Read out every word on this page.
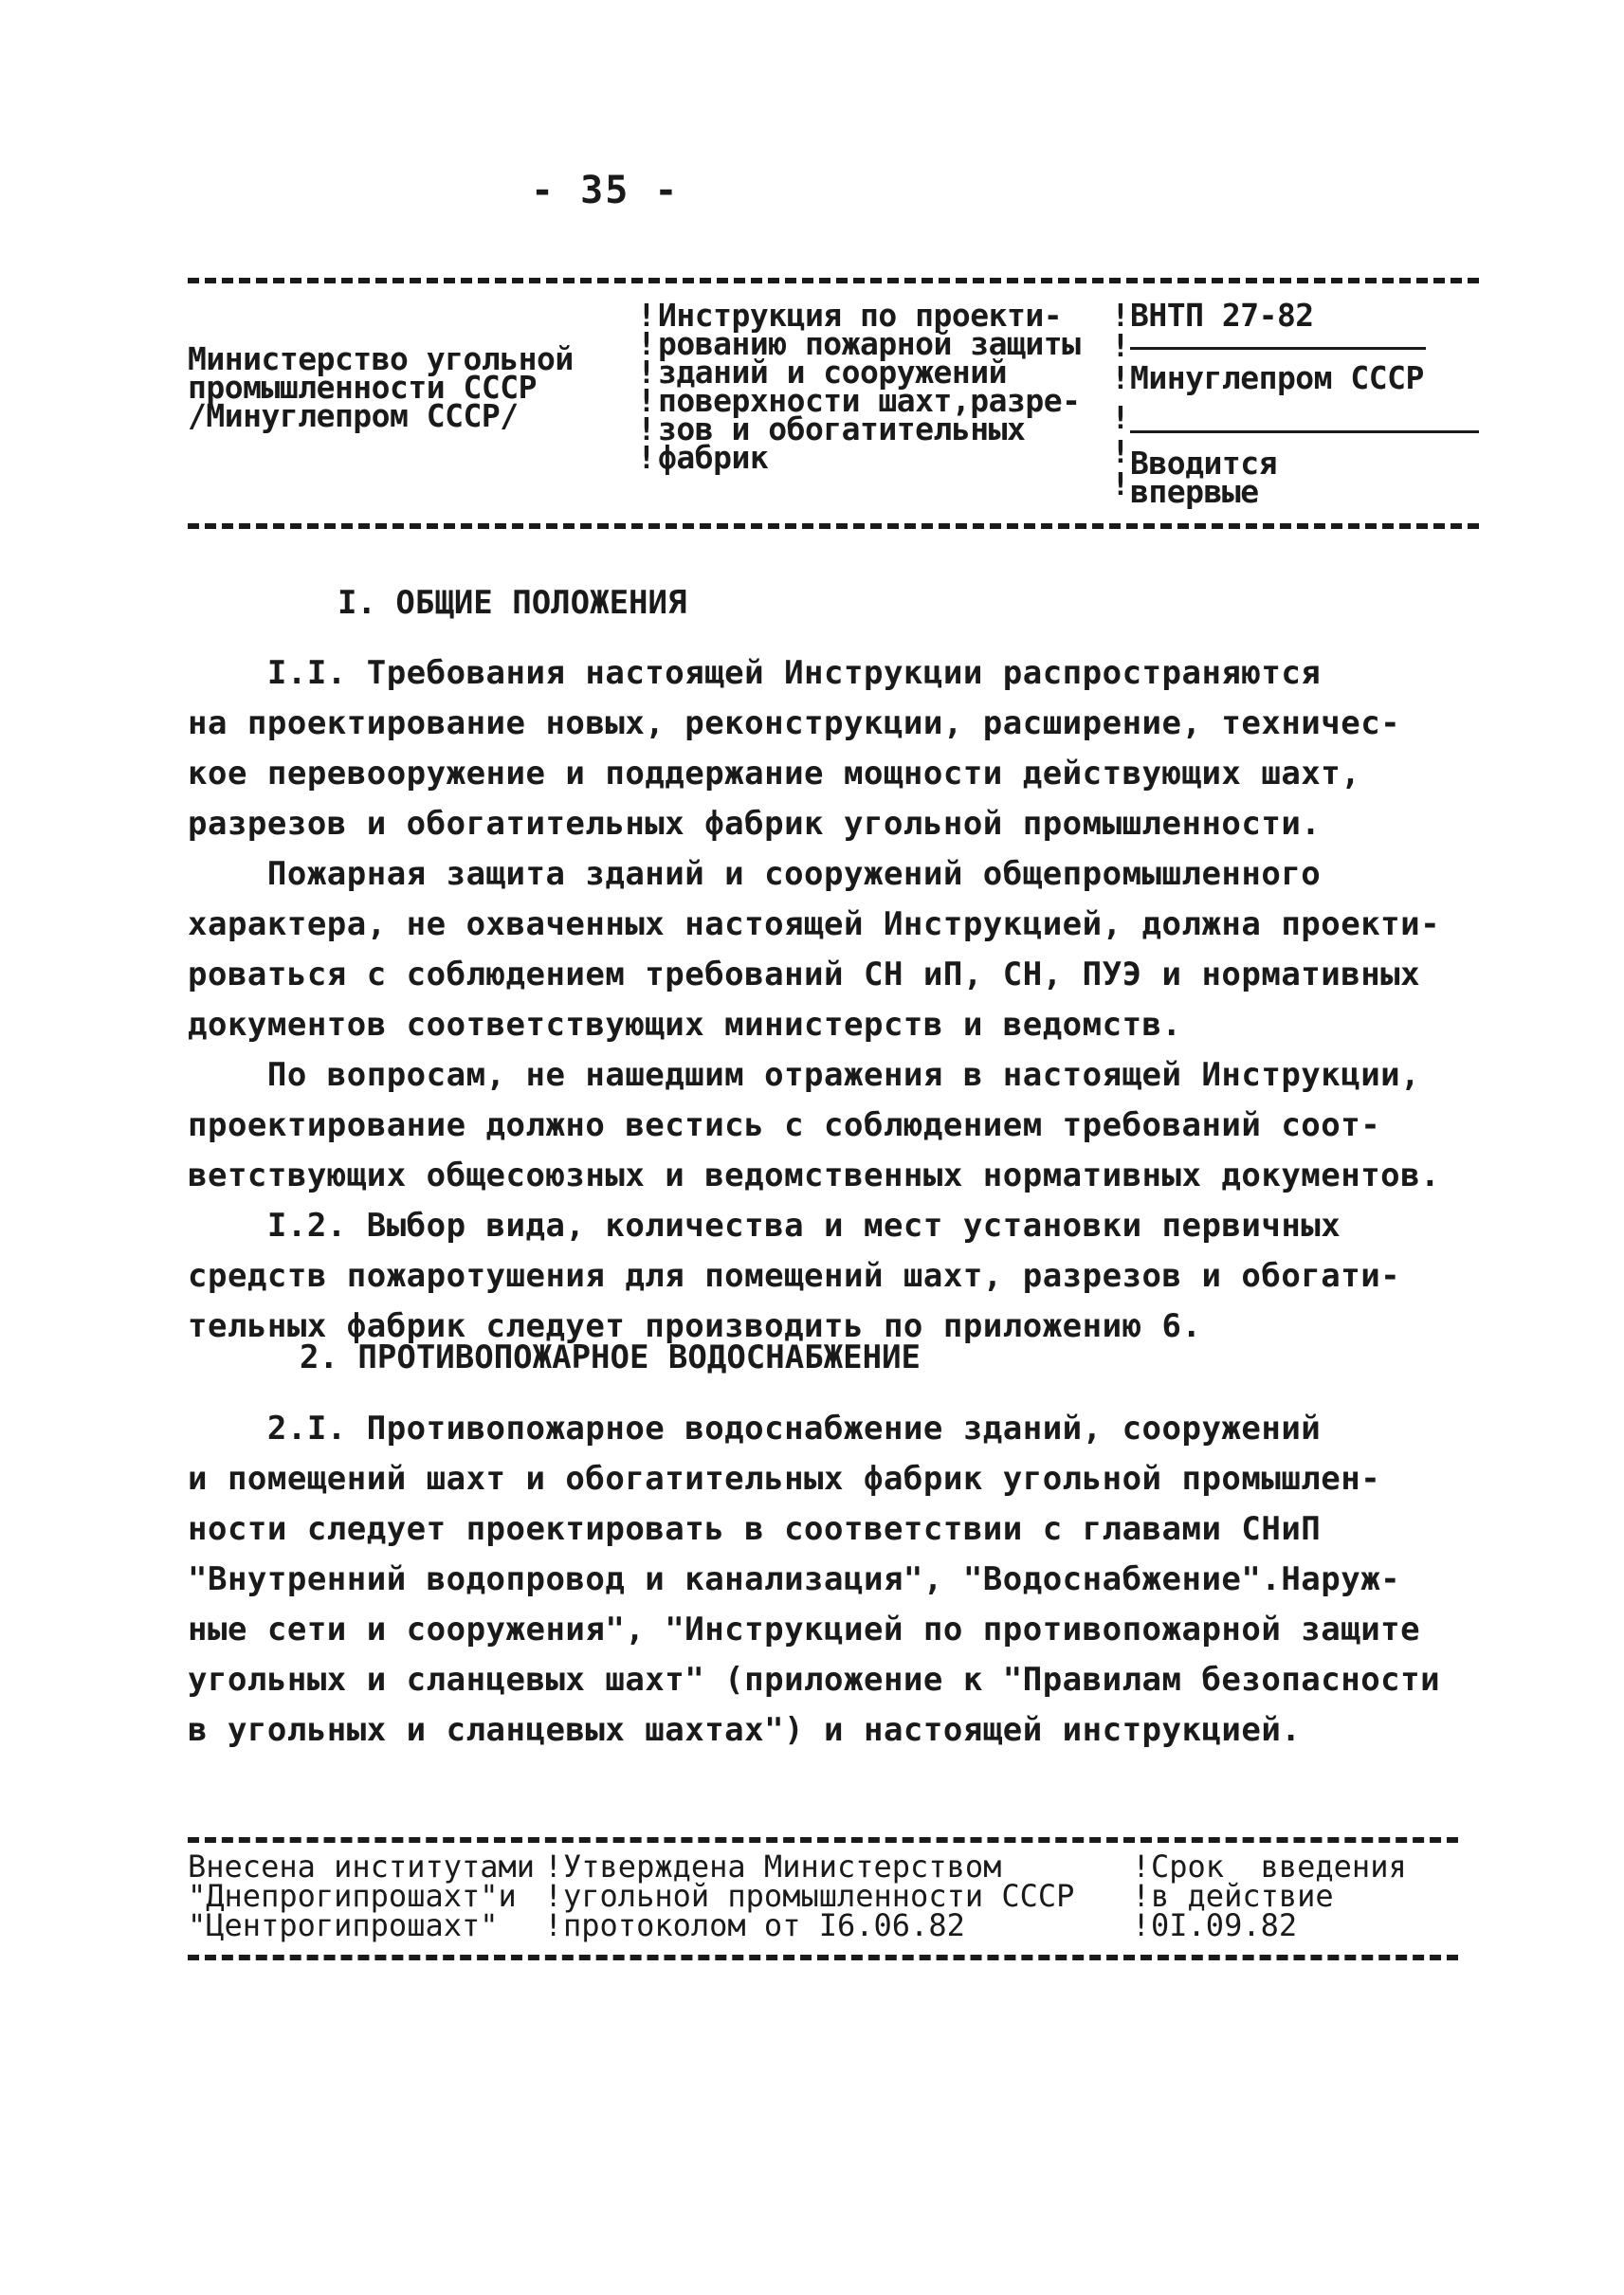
- 35 -
Министерство угольной
промышленности СССР
/Минуглепром СССР/
! Инструкция по проекти-
! рованию пожарной защиты
! зданий и сооружений
! поверхности шахт,разре-
! зов и обогатительных
! фабрик
! ВНТП 27-82
!
! Минуглепром СССР
!
! Вводится
! впервые
I. ОБЩИЕ ПОЛОЖЕНИЯ
I.I. Требования настоящей Инструкции распространяются
на проектирование новых, реконструкции, расширение, техничес-
кое перевооружение и поддержание мощности действующих шахт,
разрезов и обогатительных фабрик угольной промышленности.
Пожарная защита зданий и сооружений общепромышленного
характера, не охваченных настоящей Инструкцией, должна проекти-
роваться с соблюдением требований СН иП, СН, ПУЭ и нормативных
документов соответствующих министерств и ведомств.
По вопросам, не нашедшим отражения в настоящей Инструкции,
проектирование должно вестись с соблюдением требований соот-
ветствующих общесоюзных и ведомственных нормативных документов.
I.2. Выбор вида, количества и мест установки первичных
средств пожаротушения для помещений шахт, разрезов и обогати-
тельных фабрик следует производить по приложению 6.
2. ПРОТИВОПОЖАРНОЕ ВОДОСНАБЖЕНИЕ
2.I. Противопожарное водоснабжение зданий, сооружений
и помещений шахт и обогатительных фабрик угольной промышлен-
ности следует проектировать в соответствии с главами СНиП
"Внутренний водопровод и канализация", "Водоснабжение".Наруж-
ные сети и сооружения", "Инструкцией по противопожарной защите
угольных и сланцевых шахт" (приложение к "Правилам безопасности
в угольных и сланцевых шахтах") и настоящей инструкцией.
Внесена институтами
"Днепрогипрошахт"и
"Центрогипрошахт"
! Утверждена Министерством
! угольной промышленности СССР
! протоколом от I6.06.82
! Срок  введения
! в действие
! 0I.09.82
